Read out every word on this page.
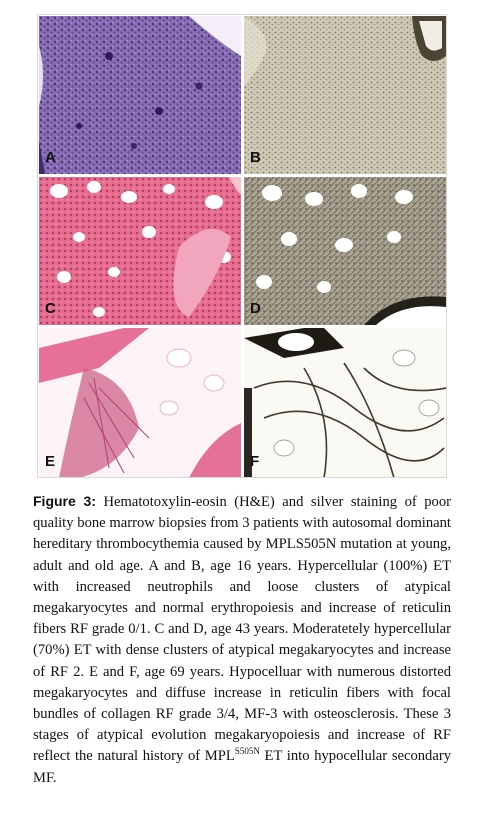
A	B
C	D
E	F
Figure 3: Hematotoxylin-eosin (H&E) and silver staining of poor quality bone marrow biopsies from 3 patients with autosomal dominant hereditary thrombocythemia caused by MPLS505N mutation at young, adult and old age. A and B, age 16 years. Hypercellular (100%) ET with increased neutrophils and loose clusters of atypical megakaryocytes and normal erythropoiesis and increase of reticulin fibers RF grade 0/1. C and D, age 43 years. Moderatetely hypercellular (70%) ET with dense clusters of atypical megakaryocytes and increase of RF 2. E and F, age 69 years. Hypocelluar with numerous distorted megakaryocytes and diffuse increase in reticulin fibers with focal bundles of collagen RF grade 3/4, MF-3 with osteosclerosis. These 3 stages of atypical evolution megakaryopoiesis and increase of RF reflect the natural history of $MPL^{S505N}$ ET into hypocellular secondary MF.
